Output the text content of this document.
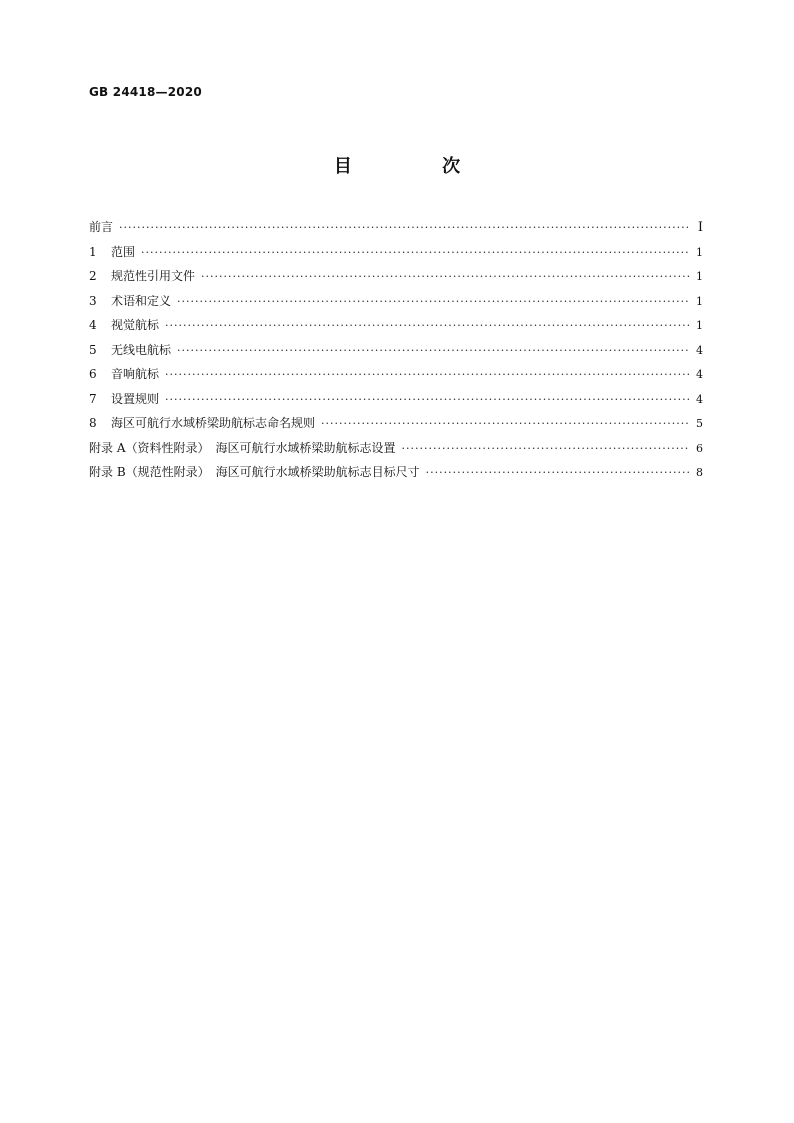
GB 24418—2020
目 次
前言 ·····	Ⅰ
1 范围 ·····	1
2 规范性引用文件 ·····	1
3 术语和定义 ·····	1
4 视觉航标 ·····	1
5 无线电航标 ·····	4
6 音响航标 ·····	4
7 设置规则 ·····	4
8 海区可航行水域桥梁助航标志命名规则 ·····	5
附录 A（资料性附录）　海区可航行水域桥梁助航标志设置 ·····	6
附录 B（规范性附录）　海区可航行水域桥梁助航标志目标尺寸 ·····	8
